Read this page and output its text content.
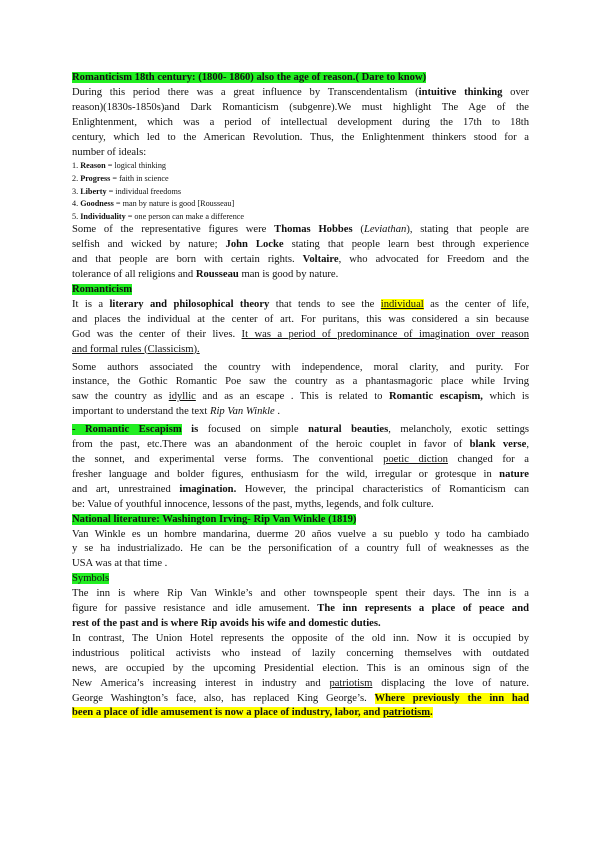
Romanticism 18th century: (1800- 1860) also the age of reason.( Dare to know)
During this period there was a great influence by Transcendentalism (intuitive thinking over
reason)(1830s-1850s)and Dark Romanticism (subgenre).We must highlight The Age of the
Enlightenment, which was a period of intellectual development during the 17th to 18th
century, which led to the American Revolution. Thus, the Enlightenment thinkers stood for a
number of ideals:
1. Reason = logical thinking
2. Progress = faith in science
3. Liberty = individual freedoms
4. Goodness = man by nature is good [Rousseau]
5. Individuality = one person can make a difference
Some of the representative figures were Thomas Hobbes (Leviathan), stating that people are
selfish and wicked by nature; John Locke stating that people learn best through experience
and that people are born with certain rights. Voltaire, who advocated for Freedom and the
tolerance of all religions and Rousseau man is good by nature.
Romanticism
It is a literary and philosophical theory that tends to see the individual as the center of life,
and places the individual at the center of art. For puritans, this was considered a sin because
God was the center of their lives. It was a period of predominance of imagination over reason
and formal rules (Classicism).
Some authors associated the country with independence, moral clarity, and purity. For
instance, the Gothic Romantic Poe saw the country as a phantasmagoric place while Irving
saw the country as idyllic and as an escape . This is related to Romantic escapism, which is
important to understand the text Rip Van Winkle .
- Romantic Escapism is focused on simple natural beauties, melancholy, exotic settings
from the past, etc.There was an abandonment of the heroic couplet in favor of blank verse,
the sonnet, and experimental verse forms. The conventional poetic diction changed for a
fresher language and bolder figures, enthusiasm for the wild, irregular or grotesque in nature
and art, unrestrained imagination. However, the principal characteristics of Romanticism can
be: Value of youthful innocence, lessons of the past, myths, legends, and folk culture.
National literature: Washington Irving- Rip Van Winkle (1819)
Van Winkle es un hombre mandarina, duerme 20 años vuelve a su pueblo y todo ha cambiado
y se ha industrializado. He can be the personification of a country full of weaknesses as the
USA was at that time .
Symbols
The inn is where Rip Van Winkle’s and other townspeople spent their days. The inn is a
figure for passive resistance and idle amusement. The inn represents a place of peace and
rest of the past and is where Rip avoids his wife and domestic duties.
In contrast, The Union Hotel represents the opposite of the old inn. Now it is occupied by
industrious political activists who instead of lazily concerning themselves with outdated
news, are occupied by the upcoming Presidential election. This is an ominous sign of the
New America’s increasing interest in industry and patriotism displacing the love of nature.
George Washington’s face, also, has replaced King George’s. Where previously the inn had
been a place of idle amusement is now a place of industry, labor, and patriotism.
